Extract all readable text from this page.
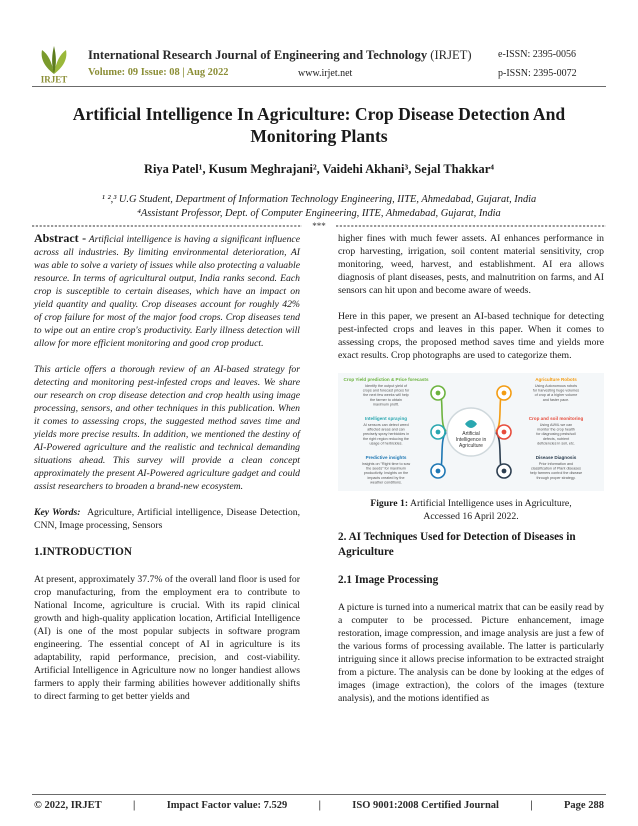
IRJET
International Research Journal of Engineering and Technology (IRJET)	e-ISSN: 2395-0056
Volume: 09 Issue: 08 | Aug 2022	www.irjet.net	p-ISSN: 2395-0072
Artificial Intelligence In Agriculture: Crop Disease Detection And
Monitoring Plants
Riya Patel¹, Kusum Meghrajani², Vaidehi Akhani³, Sejal Thakkar⁴
¹ ²,³ U.G Student, Department of Information Technology Engineering, IITE, Ahmedabad, Gujarat, India
⁴Assistant Professor, Dept. of Computer Engineering, IITE, Ahmedabad, Gujarat, India
***

Abstract - Artificial intelligence is having a significant influence across all industries. By limiting environmental deterioration, AI was able to solve a variety of issues while also protecting a valuable resource. In terms of agricultural output, India ranks second. Each crop is susceptible to certain diseases, which have an impact on yield quantity and quality. Crop diseases account for roughly 42% of crop failure for most of the major food crops. Crop diseases tend to wipe out an entire crop's productivity. Early illness detection will allow for more efficient monitoring and good crop product.

This article offers a thorough review of an AI-based strategy for detecting and monitoring pest-infested crops and leaves. We share our research on crop disease detection and crop health using image processing, sensors, and other techniques in this publication. When it comes to assessing crops, the suggested method saves time and yields more precise results. In addition, we mentioned the destiny of AI-Powered agriculture and the realistic and technical demanding situations ahead. This survey will provide a clean concept approximately the present AI-Powered agriculture gadget and could assist researchers to broaden a brand-new ecosystem.

Key Words: Agriculture, Artificial intelligence, Disease Detection, CNN, Image processing, Sensors

1.INTRODUCTION

At present, approximately 37.7% of the overall land floor is used for crop manufacturing, from the employment era to contribute to National Income, agriculture is crucial. With its rapid clinical growth and high-quality application location, Artificial Intelligence (AI) is one of the most popular subjects in software program engineering. The essential concept of AI in agriculture is its adaptability, rapid performance, precision, and cost-viability. Artificial Intelligence in Agriculture now no longer handiest allows farmers to apply their farming abilities however additionally shifts to direct farming to get better yields and

higher fines with much fewer assets. AI enhances performance in crop harvesting, irrigation, soil content material sensitivity, crop monitoring, weed, harvest, and establishment. AI era allows diagnosis of plant diseases, pests, and malnutrition on farms, and AI sensors can hit upon and become aware of weeds.

Here in this paper, we present an AI-based technique for detecting pest-infected crops and leaves in this paper. When it comes to assessing crops, the proposed method saves time and yields more exact results. Crop photographs are used to categorize them.

Artificial
Intelligence in
Agriculture
Crop Yield prediction & Price forecasts
Identify the output yield of
crops and forecast prices for
the next few weeks will help
the farmer to obtain
maximum profit.
Intelligent spraying
AI sensors can detect weed
affected areas and can
precisely spray herbicides in
the right region reducing the
usage of herbicides.
Predictive insights
Insights on "Right time to sow
the seeds" for maximum
productivity. Insights on the
impacts created by the
weather conditions.
Agriculture Robots
Using Autonomous robots
for harvesting huge volumes
of crop at a higher volume
and faster pace.
Crop and soil monitoring
Using AI/ML we can
monitor the crop health
for diagnosing pests/soil
defects, nutrient
deficiencies in soil, etc.
Disease Diagnosis
Prior information and
classification of Plant diseases
help farmers control the disease
through proper strategy.

Figure 1: Artificial Intelligence uses in Agriculture,
Accessed 16 April 2022.

2. AI Techniques Used for Detection of Diseases in Agriculture

2.1 Image Processing

A picture is turned into a numerical matrix that can be easily read by a computer to be processed. Picture enhancement, image restoration, image compression, and image analysis are just a few of the various forms of processing available. The latter is particularly intriguing since it allows precise information to be extracted straight from a picture. The analysis can be done by looking at the edges of images (image extraction), the colors of the images (texture analysis), and the motions identified as

© 2022, IRJET	|	Impact Factor value: 7.529	|	ISO 9001:2008 Certified Journal	|	Page 288
